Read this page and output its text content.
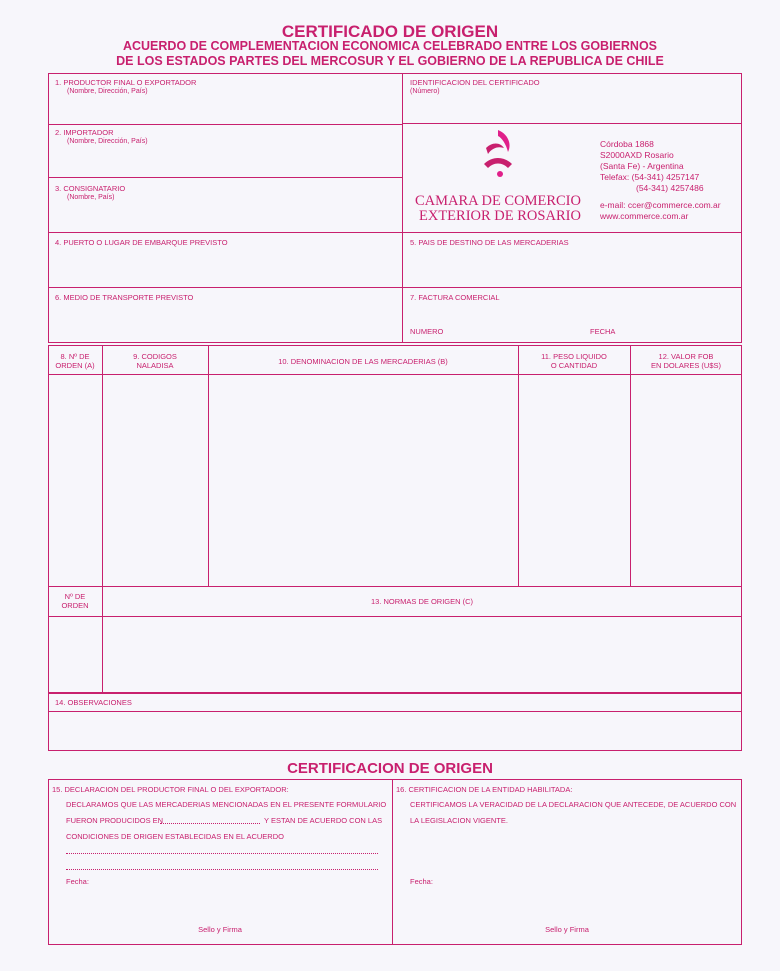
CERTIFICADO DE ORIGEN
ACUERDO DE COMPLEMENTACION ECONOMICA CELEBRADO ENTRE LOS GOBIERNOS
DE LOS ESTADOS PARTES DEL MERCOSUR Y EL GOBIERNO DE LA REPUBLICA DE CHILE
1. PRODUCTOR FINAL O EXPORTADOR
(Nombre, Dirección, País)
IDENTIFICACION DEL CERTIFICADO
(Número)
2. IMPORTADOR
(Nombre, Dirección, País)
3. CONSIGNATARIO
(Nombre, País)	CAMARA DE COMERCIO
EXTERIOR DE ROSARIO
Córdoba 1868
S2000AXD Rosario
(Santa Fe) - Argentina
Telefax: (54-341) 4257147
(54-341) 4257486
e-mail: ccer@commerce.com.ar
www.commerce.com.ar
4. PUERTO O LUGAR DE EMBARQUE PREVISTO	5. PAIS DE DESTINO DE LAS MERCADERIAS
6. MEDIO DE TRANSPORTE PREVISTO	7. FACTURA COMERCIAL
NUMERO	FECHA
8. Nº DE
ORDEN (A)
9. CODIGOS
NALADISA	10. DENOMINACION DE LAS MERCADERIAS (B)
11. PESO LIQUIDO
O CANTIDAD
12. VALOR FOB
EN DOLARES (U$S)
Nº DE
ORDEN	13. NORMAS DE ORIGEN (C)
14. OBSERVACIONES
CERTIFICACION DE ORIGEN
15. DECLARACION DEL PRODUCTOR FINAL O DEL EXPORTADOR:
DECLARAMOS QUE LAS MERCADERIAS MENCIONADAS EN EL PRESENTE FORMULARIO
FUERON PRODUCIDOS EN	Y ESTAN DE ACUERDO CON LAS
CONDICIONES DE ORIGEN ESTABLECIDAS EN EL ACUERDO
Fecha:
Sello y Firma
16. CERTIFICACION DE LA ENTIDAD HABILITADA:
CERTIFICAMOS LA VERACIDAD DE LA DECLARACION QUE ANTECEDE, DE ACUERDO CON
LA LEGISLACION VIGENTE.
Fecha:
Sello y Firma
